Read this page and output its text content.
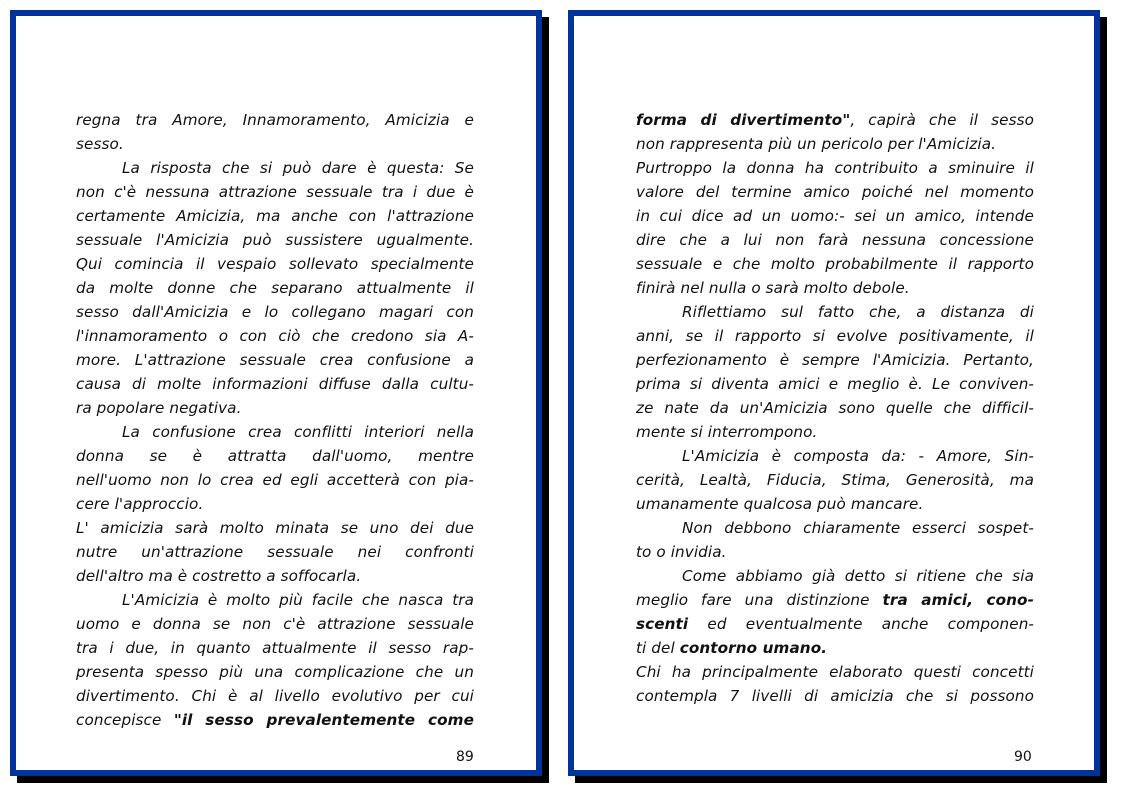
regna tra Amore, Innamoramento, Amicizia e
sesso.
La risposta che si può dare è questa: Se
non c'è nessuna attrazione sessuale tra i due è
certamente Amicizia, ma anche con l'attrazione
sessuale l'Amicizia può sussistere ugualmente.
Qui comincia il vespaio sollevato specialmente
da molte donne che separano attualmente il
sesso dall'Amicizia e lo collegano magari con
l'innamoramento o con ciò che credono sia A-
more. L'attrazione sessuale crea confusione a
causa di molte informazioni diffuse dalla cultu-
ra popolare negativa.
La confusione crea conflitti interiori nella
donna se è attratta dall'uomo, mentre
nell'uomo non lo crea ed egli accetterà con pia-
cere l'approccio.
L' amicizia sarà molto minata se uno dei due
nutre un'attrazione sessuale nei confronti
dell'altro ma è costretto a soffocarla.
L'Amicizia è molto più facile che nasca tra
uomo e donna se non c'è attrazione sessuale
tra i due, in quanto attualmente il sesso rap-
presenta spesso più una complicazione che un
divertimento. Chi è al livello evolutivo per cui
concepisce "il sesso prevalentemente come
89
forma di divertimento", capirà che il sesso
non rappresenta più un pericolo per l'Amicizia.
Purtroppo la donna ha contribuito a sminuire il
valore del termine amico poiché nel momento
in cui dice ad un uomo:- sei un amico, intende
dire che a lui non farà nessuna concessione
sessuale e che molto probabilmente il rapporto
finirà nel nulla o sarà molto debole.
Riflettiamo sul fatto che, a distanza di
anni, se il rapporto si evolve positivamente, il
perfezionamento è sempre l'Amicizia. Pertanto,
prima si diventa amici e meglio è. Le conviven-
ze nate da un'Amicizia sono quelle che difficil-
mente si interrompono.
L'Amicizia è composta da: - Amore, Sin-
cerità, Lealtà, Fiducia, Stima, Generosità, ma
umanamente qualcosa può mancare.
Non debbono chiaramente esserci sospet-
to o invidia.
Come abbiamo già detto si ritiene che sia
meglio fare una distinzione tra amici, cono-
scenti ed eventualmente anche componen-
ti del contorno umano.
Chi ha principalmente elaborato questi concetti
contempla 7 livelli di amicizia che si possono
90
